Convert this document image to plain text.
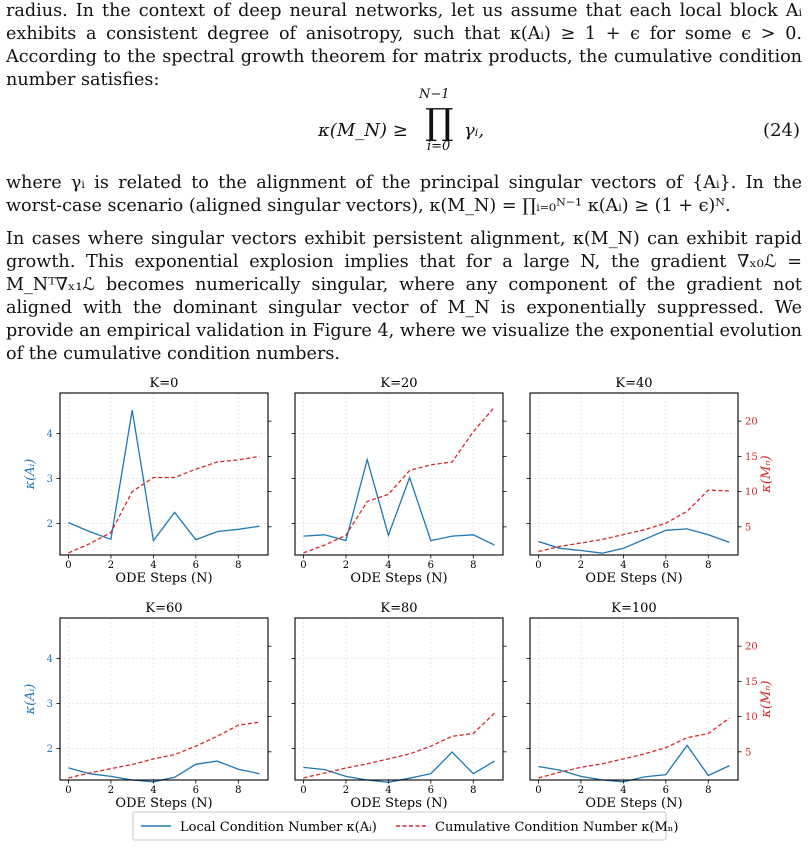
radius. In the context of deep neural networks, let us assume that each local block Aᵢ exhibits a consistent degree of anisotropy, such that κ(Aᵢ) ≥ 1 + ϵ for some ϵ > 0. According to the spectral growth theorem for matrix products, the cumulative condition number satisfies:

κ(M_N) ≥
N−1
∏
i=0
γᵢ,	(24)

where γᵢ is related to the alignment of the principal singular vectors of {Aᵢ}. In the worst-case scenario (aligned singular vectors), κ(M_N) = ∏ᵢ₌₀ᴺ⁻¹ κ(Aᵢ) ≥ (1 + ϵ)ᴺ.

In cases where singular vectors exhibit persistent alignment, κ(M_N) can exhibit rapid growth. This exponential explosion implies that for a large N, the gradient ∇ₓ₀ℒ = M_Nᵀ∇ₓ₁ℒ becomes numerically singular, where any component of the gradient not aligned with the dominant singular vector of M_N is exponentially suppressed. We provide an empirical validation in Figure 4, where we visualize the exponential evolution of the cumulative condition numbers.

K=0
0	2	4	6	8
ODE Steps (N)
2
3
4
κ(Aᵢ)
K=20
0	2	4	6	8
ODE Steps (N)
K=40
0	2	4	6	8
ODE Steps (N)
5
10
15
20
κ(Mₙ)
K=60
0	2	4	6	8
ODE Steps (N)
2
3
4
κ(Aᵢ)
K=80
0	2	4	6	8
ODE Steps (N)
K=100
0	2	4	6	8
ODE Steps (N)
5
10
15
20
κ(Mₙ)
Local Condition Number κ(Aᵢ)	Cumulative Condition Number κ(Mₙ)
